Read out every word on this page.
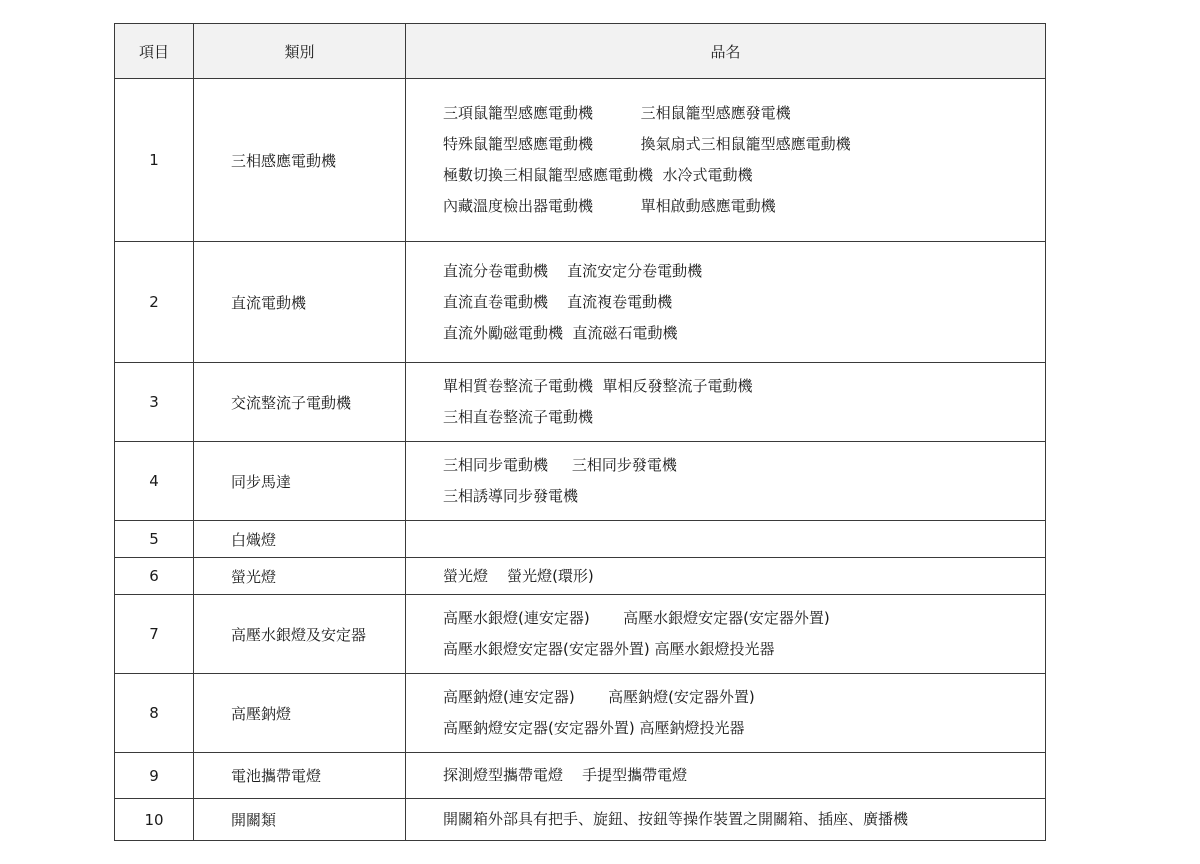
項目	類別	品名
1	三相感應電動機	三項鼠籠型感應電動機          三相鼠籠型感應發電機
特殊鼠籠型感應電動機          換氣扇式三相鼠籠型感應電動機
極數切換三相鼠籠型感應電動機  水冷式電動機
內藏溫度檢出器電動機          單相啟動感應電動機

2	直流電動機	直流分卷電動機    直流安定分卷電動機
直流直卷電動機    直流複卷電動機
直流外勵磁電動機  直流磁石電動機

3	交流整流子電動機	單相質卷整流子電動機  單相反發整流子電動機
三相直卷整流子電動機

4	同步馬達	三相同步電動機     三相同步發電機
三相誘導同步發電機

5	白熾燈	
6	螢光燈	螢光燈    螢光燈(環形)

7	高壓水銀燈及安定器	高壓水銀燈(連安定器)       高壓水銀燈安定器(安定器外置)
高壓水銀燈安定器(安定器外置) 高壓水銀燈投光器

8	高壓鈉燈	高壓鈉燈(連安定器)       高壓鈉燈(安定器外置)
高壓鈉燈安定器(安定器外置) 高壓鈉燈投光器

9	電池攜帶電燈	探測燈型攜帶電燈    手提型攜帶電燈

10	開關類	開關箱外部具有把手、旋鈕、按鈕等操作裝置之開關箱、插座、廣播機
